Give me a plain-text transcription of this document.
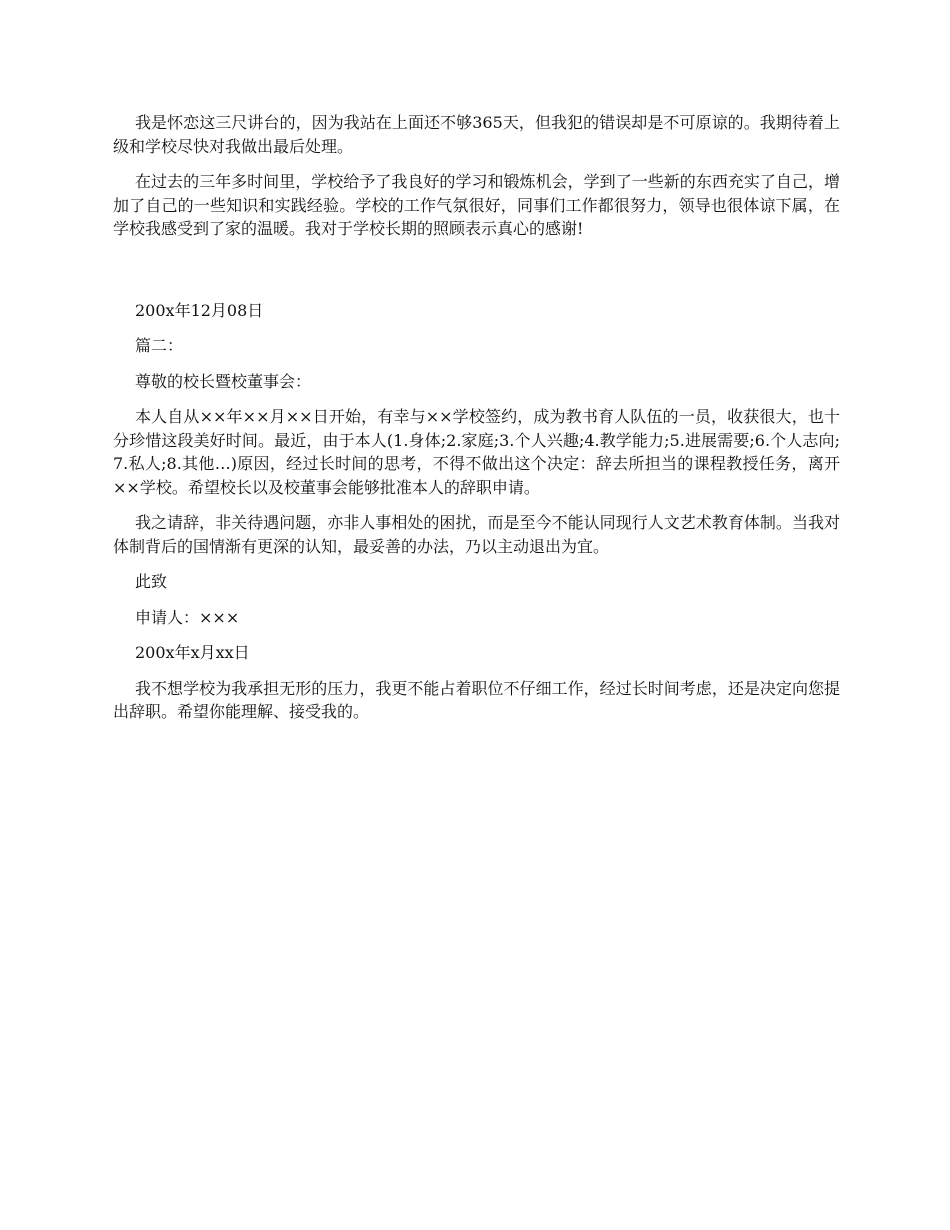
我是怀恋这三尺讲台的，因为我站在上面还不够365天，但我犯的错误却是不可原谅的。我期待着上级和学校尽快对我做出最后处理。

在过去的三年多时间里，学校给予了我良好的学习和锻炼机会，学到了一些新的东西充实了自己，增加了自己的一些知识和实践经验。学校的工作气氛很好，同事们工作都很努力，领导也很体谅下属，在学校我感受到了家的温暖。我对于学校长期的照顾表示真心的感谢!

200x年12月08日

篇二：

尊敬的校长暨校董事会：

本人自从××年××月××日开始，有幸与××学校签约，成为教书育人队伍的一员，收获很大，也十分珍惜这段美好时间。最近，由于本人(1.身体;2.家庭;3.个人兴趣;4.教学能力;5.进展需要;6.个人志向;7.私人;8.其他…)原因，经过长时间的思考，不得不做出这个决定：辞去所担当的课程教授任务，离开××学校。希望校长以及校董事会能够批准本人的辞职申请。

我之请辞，非关待遇问题，亦非人事相处的困扰，而是至今不能认同现行人文艺术教育体制。当我对体制背后的国情渐有更深的认知，最妥善的办法，乃以主动退出为宜。

此致

申请人：×××

200x年x月xx日

我不想学校为我承担无形的压力，我更不能占着职位不仔细工作，经过长时间考虑，还是决定向您提出辞职。希望你能理解、接受我的。
